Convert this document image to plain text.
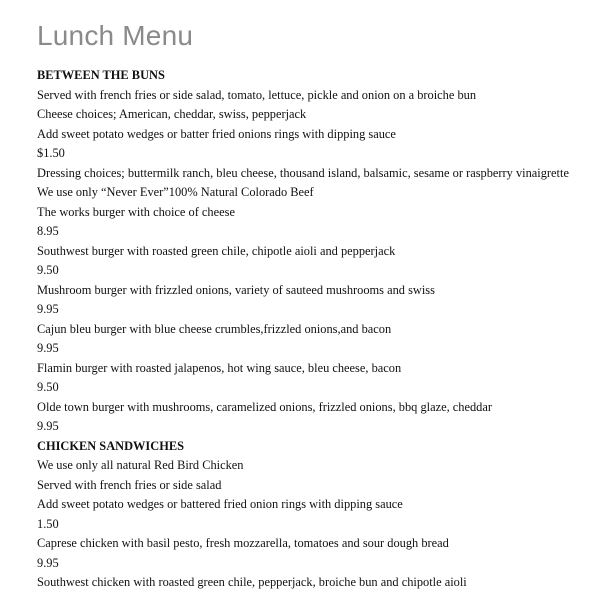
Lunch Menu
BETWEEN THE BUNS
Served with french fries or side salad, tomato, lettuce, pickle and onion on a broiche bun
Cheese choices; American, cheddar, swiss, pepperjack
Add sweet potato wedges or batter fried onions rings with dipping sauce
$1.50
Dressing choices; buttermilk ranch, bleu cheese, thousand island, balsamic, sesame or raspberry vinaigrette
We use only “Never Ever”100% Natural Colorado Beef
The works burger with choice of cheese
8.95
Southwest burger with roasted green chile, chipotle aioli and pepperjack
9.50
Mushroom burger with frizzled onions, variety of sauteed mushrooms and swiss
9.95
Cajun bleu burger with blue cheese crumbles,frizzled onions,and bacon
9.95
Flamin burger with roasted jalapenos, hot wing sauce, bleu cheese, bacon
9.50
Olde town burger with mushrooms, caramelized onions, frizzled onions, bbq glaze, cheddar
9.95
CHICKEN SANDWICHES
We use only all natural Red Bird Chicken
Served with french fries or side salad
Add sweet potato wedges or battered fried onion rings with dipping sauce
1.50
Caprese chicken with basil pesto, fresh mozzarella, tomatoes and sour dough bread
9.95
Southwest chicken with roasted green chile, pepperjack, broiche bun and chipotle aioli
